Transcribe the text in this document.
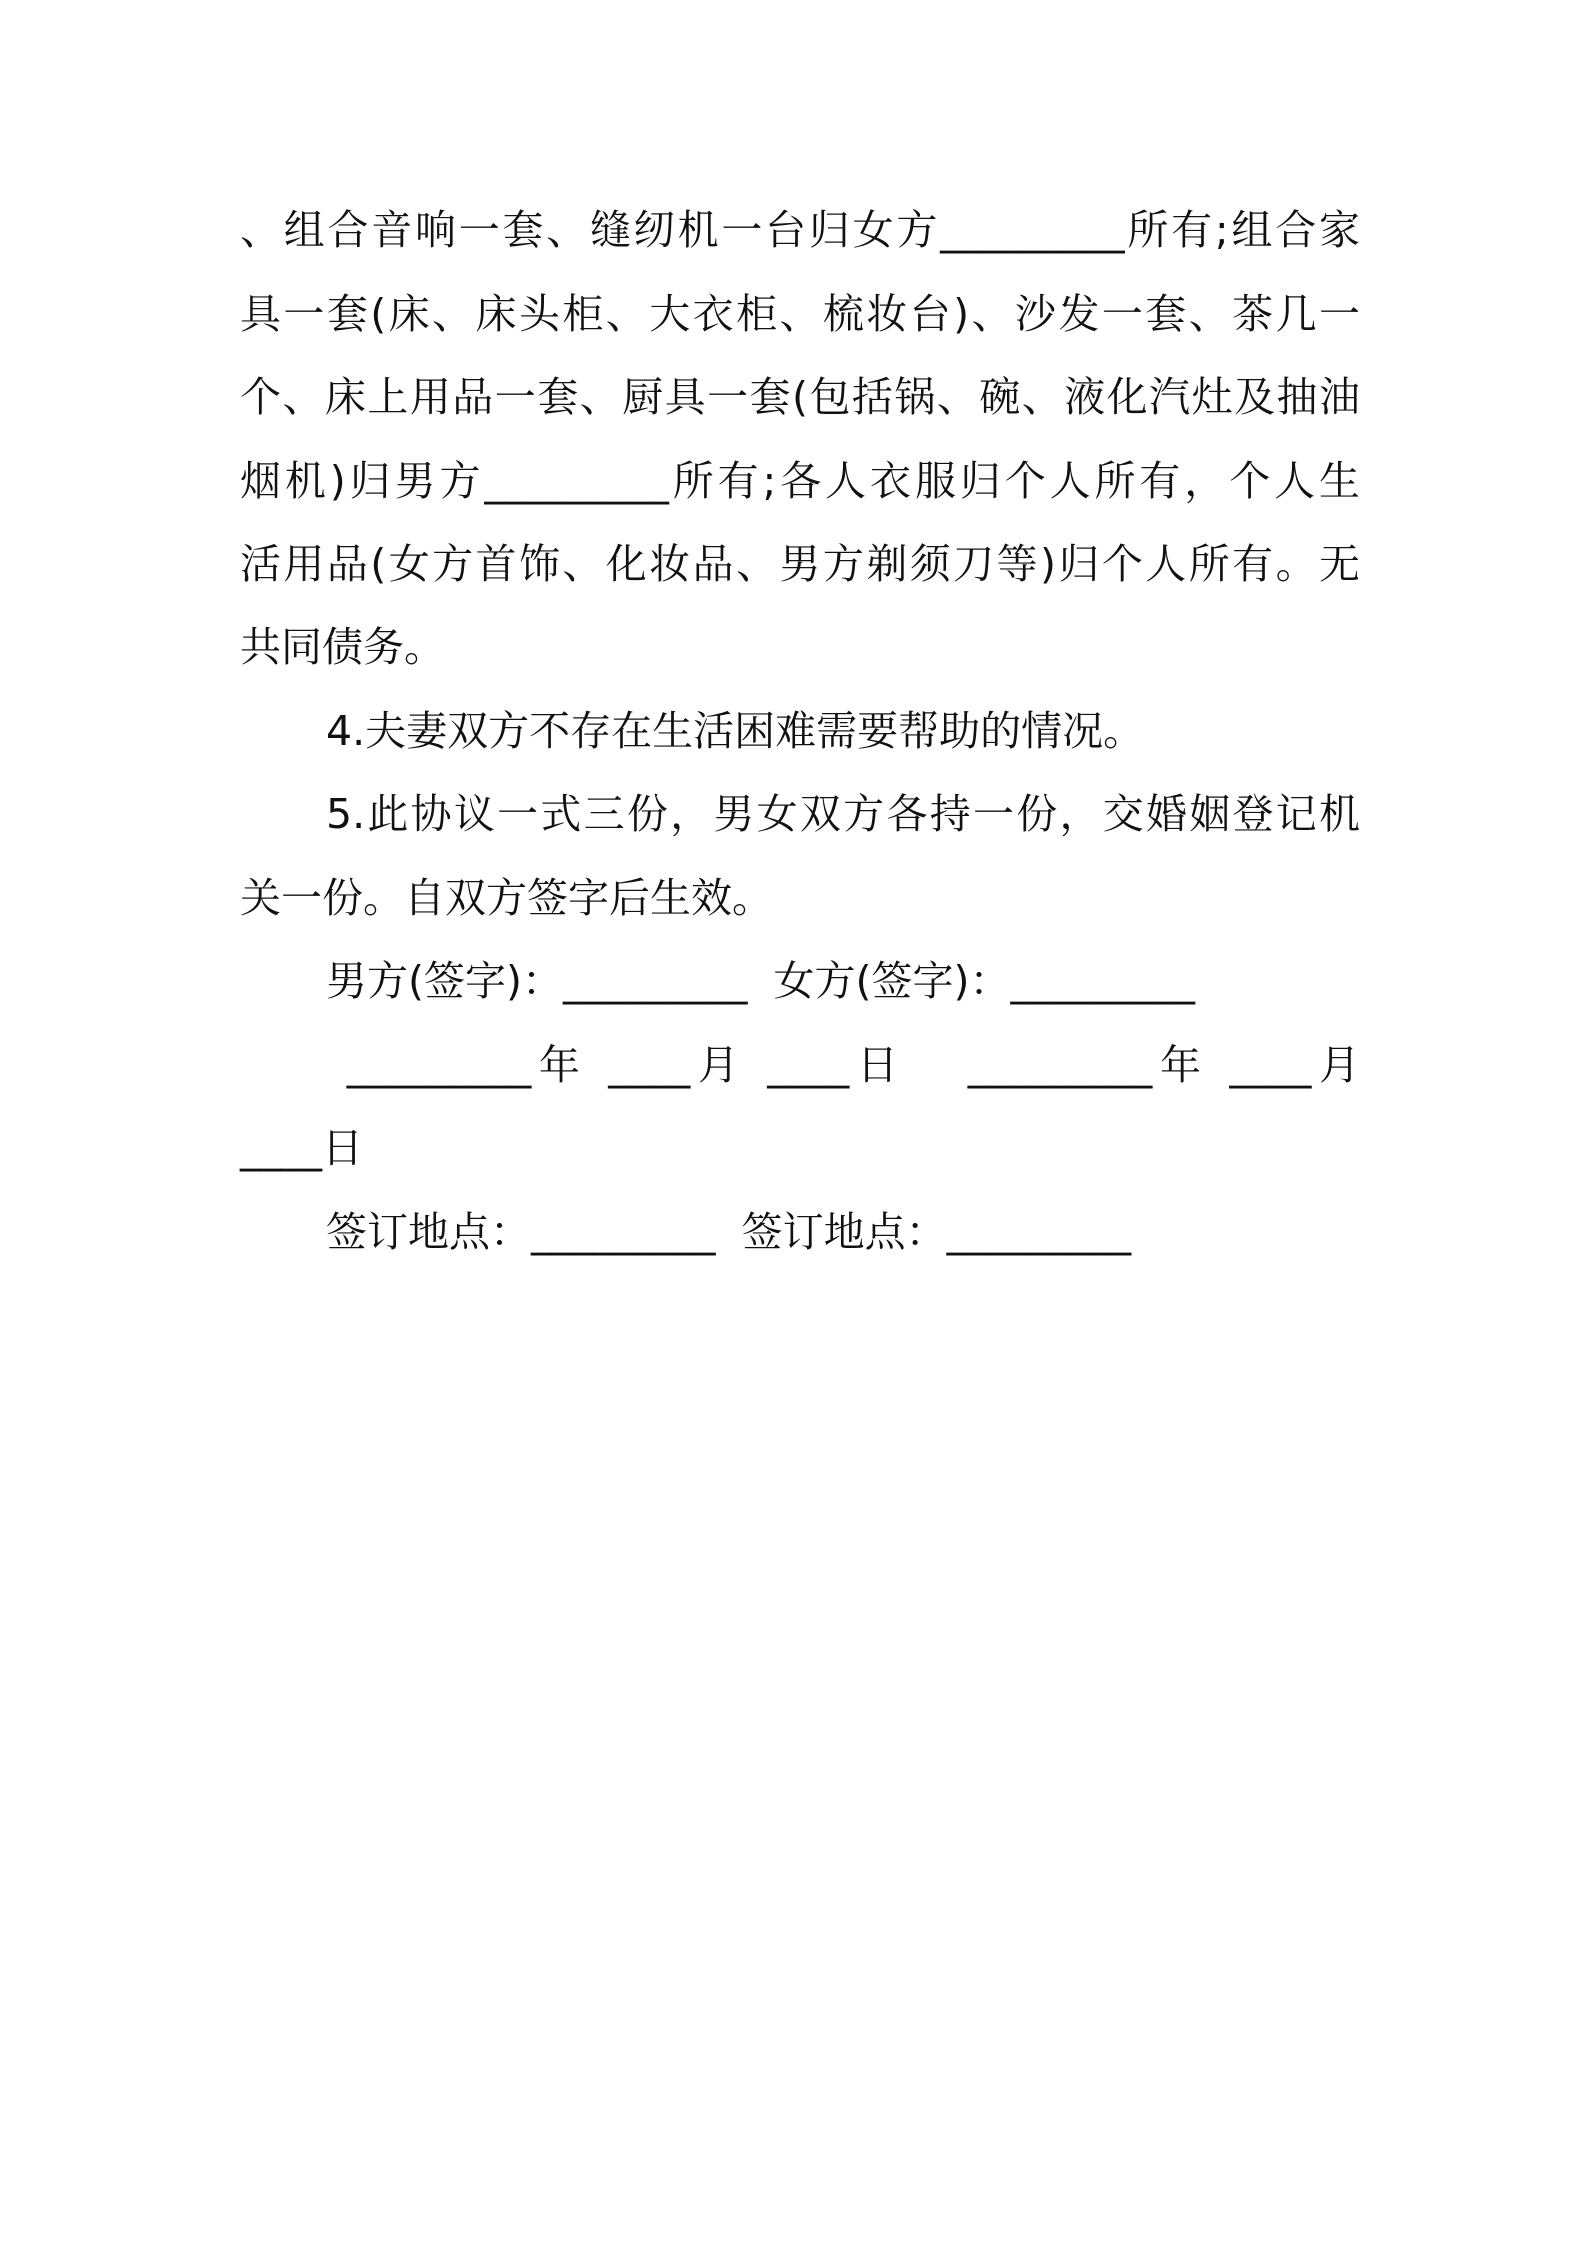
、组合音响一套、缝纫机一台归女方_________所有;组合家
具一套(床、床头柜、大衣柜、梳妆台)、沙发一套、茶几一
个、床上用品一套、厨具一套(包括锅、碗、液化汽灶及抽油
烟机)归男方_________所有;各人衣服归个人所有，个人生
活用品(女方首饰、化妆品、男方剃须刀等)归个人所有。无
共同债务。
4.夫妻双方不存在生活困难需要帮助的情况。
5.此协议一式三份，男女双方各持一份，交婚姻登记机
关一份。自双方签字后生效。
男方(签字)：_________  女方(签字)：_________
_________年 ____月 ____日   _________年 ____月
____日
签订地点：_________  签订地点：_________
